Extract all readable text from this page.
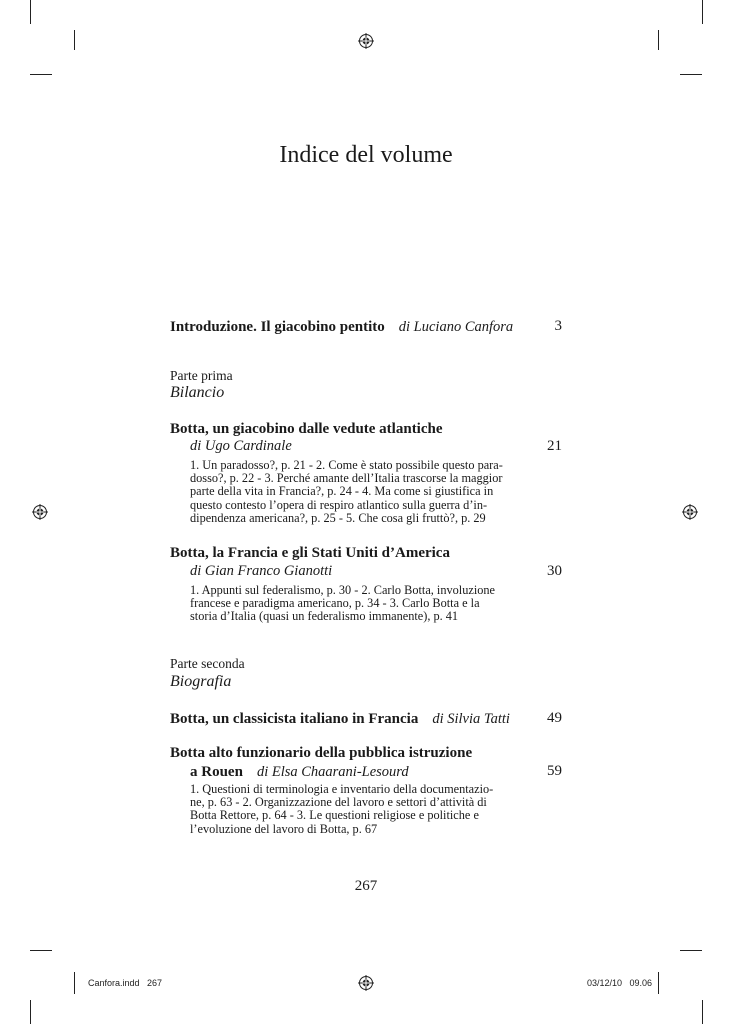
Indice del volume
Introduzione. Il giacobino pentito di Luciano Canfora	3
Parte prima
Bilancio
Botta, un giacobino dalle vedute atlantiche
di Ugo Cardinale	21
1. Un paradosso?, p. 21 - 2. Come è stato possibile questo para-
dosso?, p. 22 - 3. Perché amante dell’Italia trascorse la maggior
parte della vita in Francia?, p. 24 - 4. Ma come si giustifica in
questo contesto l’opera di respiro atlantico sulla guerra d’in-
dipendenza americana?, p. 25 - 5. Che cosa gli fruttò?, p. 29
Botta, la Francia e gli Stati Uniti d’America
di Gian Franco Gianotti	30
1. Appunti sul federalismo, p. 30 - 2. Carlo Botta, involuzione
francese e paradigma americano, p. 34 - 3. Carlo Botta e la
storia d’Italia (quasi un federalismo immanente), p. 41
Parte seconda
Biografia
Botta, un classicista italiano in Francia di Silvia Tatti	49
Botta alto funzionario della pubblica istruzione
a Rouen di Elsa Chaarani-Lesourd	59
1. Questioni di terminologia e inventario della documentazio-
ne, p. 63 - 2. Organizzazione del lavoro e settori d’attività di
Botta Rettore, p. 64 - 3. Le questioni religiose e politiche e
l’evoluzione del lavoro di Botta, p. 67
267
Canfora.indd   267	03/12/10   09.06
